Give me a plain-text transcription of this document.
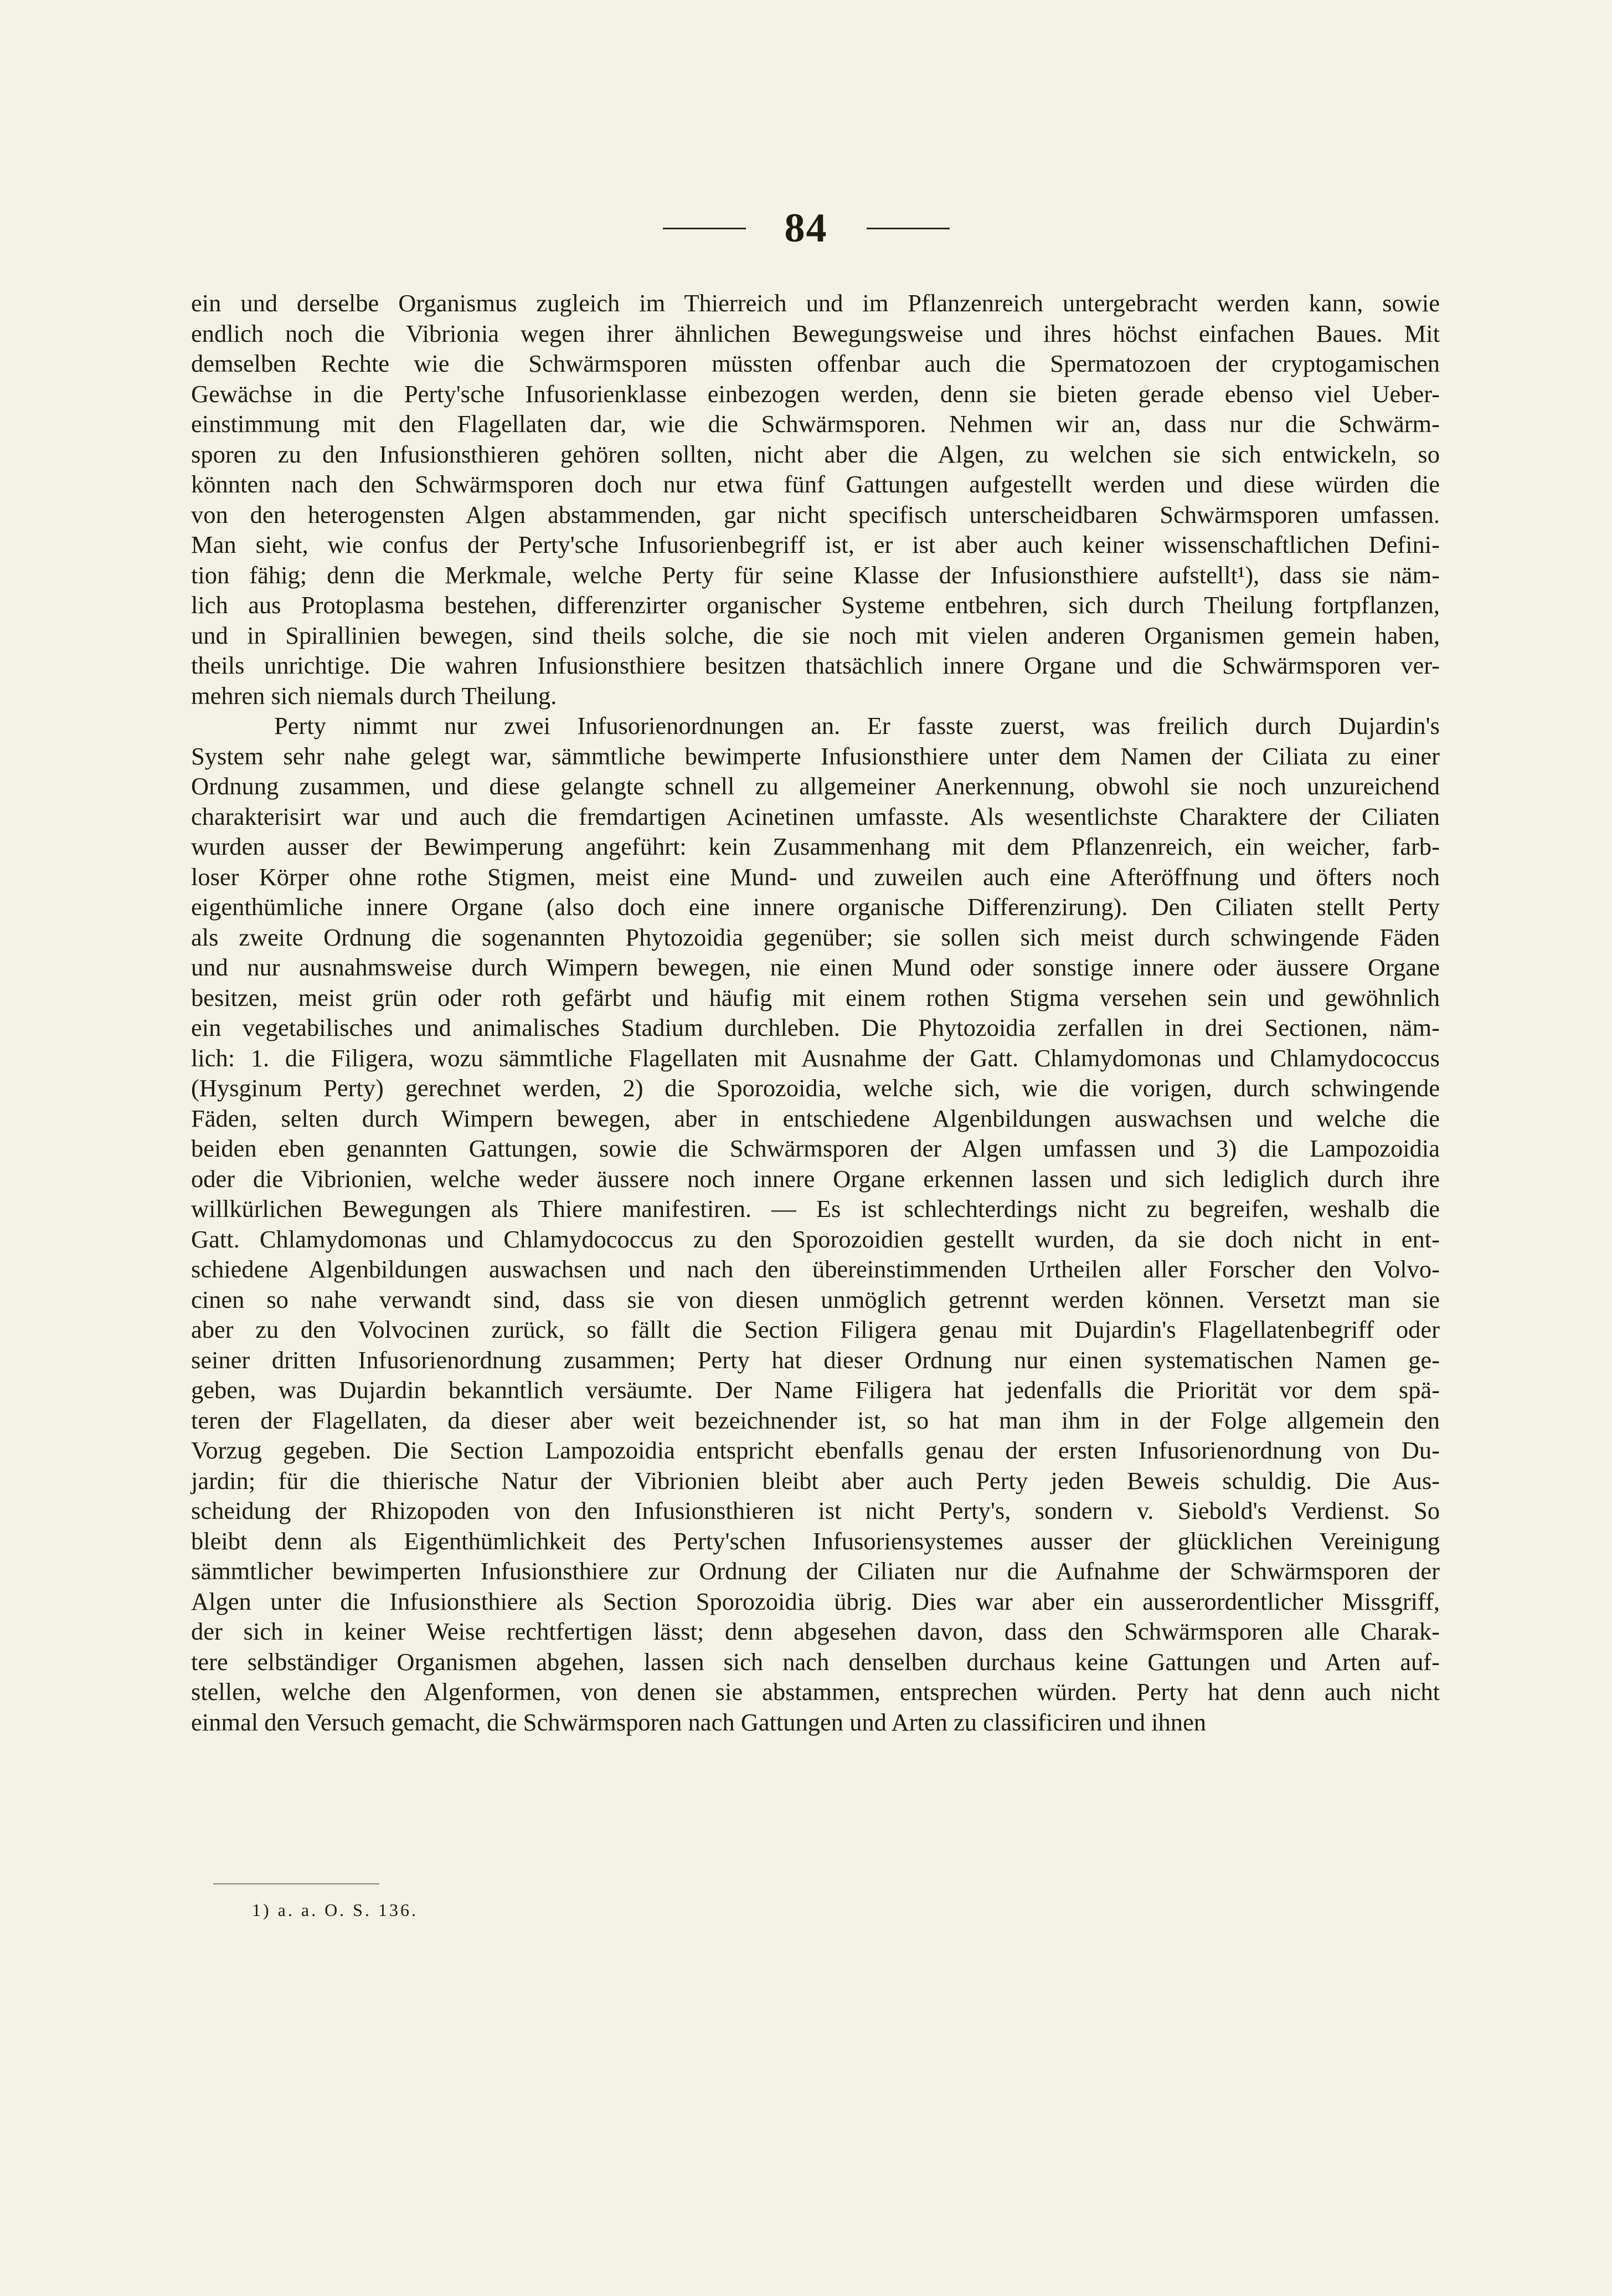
84
ein und derselbe Organismus zugleich im Thierreich und im Pflanzenreich untergebracht werden kann, sowie
endlich noch die Vibrionia wegen ihrer ähnlichen Bewegungsweise und ihres höchst einfachen Baues. Mit
demselben Rechte wie die Schwärmsporen müssten offenbar auch die Spermatozoen der cryptogamischen
Gewächse in die Perty'sche Infusorienklasse einbezogen werden, denn sie bieten gerade ebenso viel Ueber-
einstimmung mit den Flagellaten dar, wie die Schwärmsporen. Nehmen wir an, dass nur die Schwärm-
sporen zu den Infusionsthieren gehören sollten, nicht aber die Algen, zu welchen sie sich entwickeln, so
könnten nach den Schwärmsporen doch nur etwa fünf Gattungen aufgestellt werden und diese würden die
von den heterogensten Algen abstammenden, gar nicht specifisch unterscheidbaren Schwärmsporen umfassen.
Man sieht, wie confus der Perty'sche Infusorienbegriff ist, er ist aber auch keiner wissenschaftlichen Defini-
tion fähig; denn die Merkmale, welche Perty für seine Klasse der Infusionsthiere aufstellt¹), dass sie näm-
lich aus Protoplasma bestehen, differenzirter organischer Systeme entbehren, sich durch Theilung fortpflanzen,
und in Spirallinien bewegen, sind theils solche, die sie noch mit vielen anderen Organismen gemein haben,
theils unrichtige. Die wahren Infusionsthiere besitzen thatsächlich innere Organe und die Schwärmsporen ver-
mehren sich niemals durch Theilung.
Perty nimmt nur zwei Infusorienordnungen an. Er fasste zuerst, was freilich durch Dujardin's
System sehr nahe gelegt war, sämmtliche bewimperte Infusionsthiere unter dem Namen der Ciliata zu einer
Ordnung zusammen, und diese gelangte schnell zu allgemeiner Anerkennung, obwohl sie noch unzureichend
charakterisirt war und auch die fremdartigen Acinetinen umfasste. Als wesentlichste Charaktere der Ciliaten
wurden ausser der Bewimperung angeführt: kein Zusammenhang mit dem Pflanzenreich, ein weicher, farb-
loser Körper ohne rothe Stigmen, meist eine Mund- und zuweilen auch eine Afteröffnung und öfters noch
eigenthümliche innere Organe (also doch eine innere organische Differenzirung). Den Ciliaten stellt Perty
als zweite Ordnung die sogenannten Phytozoidia gegenüber; sie sollen sich meist durch schwingende Fäden
und nur ausnahmsweise durch Wimpern bewegen, nie einen Mund oder sonstige innere oder äussere Organe
besitzen, meist grün oder roth gefärbt und häufig mit einem rothen Stigma versehen sein und gewöhnlich
ein vegetabilisches und animalisches Stadium durchleben. Die Phytozoidia zerfallen in drei Sectionen, näm-
lich: 1. die Filigera, wozu sämmtliche Flagellaten mit Ausnahme der Gatt. Chlamydomonas und Chlamydococcus
(Hysginum Perty) gerechnet werden, 2) die Sporozoidia, welche sich, wie die vorigen, durch schwingende
Fäden, selten durch Wimpern bewegen, aber in entschiedene Algenbildungen auswachsen und welche die
beiden eben genannten Gattungen, sowie die Schwärmsporen der Algen umfassen und 3) die Lampozoidia
oder die Vibrionien, welche weder äussere noch innere Organe erkennen lassen und sich lediglich durch ihre
willkürlichen Bewegungen als Thiere manifestiren. — Es ist schlechterdings nicht zu begreifen, weshalb die
Gatt. Chlamydomonas und Chlamydococcus zu den Sporozoidien gestellt wurden, da sie doch nicht in ent-
schiedene Algenbildungen auswachsen und nach den übereinstimmenden Urtheilen aller Forscher den Volvo-
cinen so nahe verwandt sind, dass sie von diesen unmöglich getrennt werden können. Versetzt man sie
aber zu den Volvocinen zurück, so fällt die Section Filigera genau mit Dujardin's Flagellatenbegriff oder
seiner dritten Infusorienordnung zusammen; Perty hat dieser Ordnung nur einen systematischen Namen ge-
geben, was Dujardin bekanntlich versäumte. Der Name Filigera hat jedenfalls die Priorität vor dem spä-
teren der Flagellaten, da dieser aber weit bezeichnender ist, so hat man ihm in der Folge allgemein den
Vorzug gegeben. Die Section Lampozoidia entspricht ebenfalls genau der ersten Infusorienordnung von Du-
jardin; für die thierische Natur der Vibrionien bleibt aber auch Perty jeden Beweis schuldig. Die Aus-
scheidung der Rhizopoden von den Infusionsthieren ist nicht Perty's, sondern v. Siebold's Verdienst. So
bleibt denn als Eigenthümlichkeit des Perty'schen Infusoriensystemes ausser der glücklichen Vereinigung
sämmtlicher bewimperten Infusionsthiere zur Ordnung der Ciliaten nur die Aufnahme der Schwärmsporen der
Algen unter die Infusionsthiere als Section Sporozoidia übrig. Dies war aber ein ausserordentlicher Missgriff,
der sich in keiner Weise rechtfertigen lässt; denn abgesehen davon, dass den Schwärmsporen alle Charak-
tere selbständiger Organismen abgehen, lassen sich nach denselben durchaus keine Gattungen und Arten auf-
stellen, welche den Algenformen, von denen sie abstammen, entsprechen würden. Perty hat denn auch nicht
einmal den Versuch gemacht, die Schwärmsporen nach Gattungen und Arten zu classificiren und ihnen
1) a. a. O. S. 136.
